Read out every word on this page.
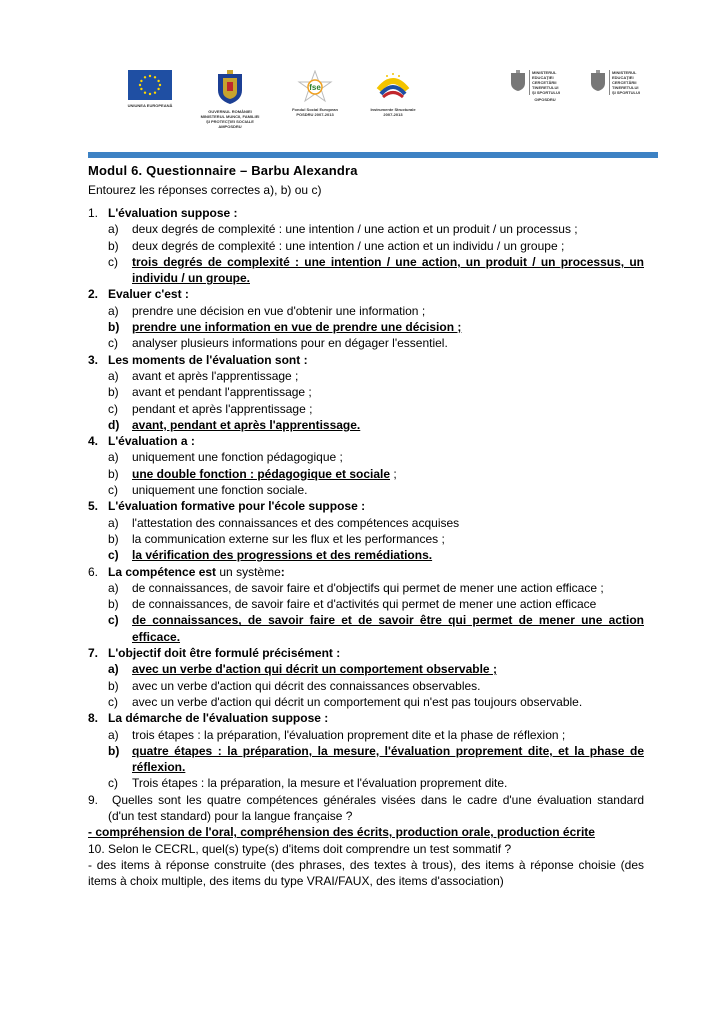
UNIUNEA EUROPEANĂ
GUVERNUL ROMÂNIEI
MINISTERUL MUNCII, FAMILIEI
ŞI PROTECŢIEI SOCIALE
AMPOSDRU
fse
Fondul Social European
POSDRU 2007-2013
Instrumente Structurale
2007-2013
MINISTERUL
EDUCAŢIEI
CERCETĂRII
TINERETULUI
ŞI SPORTULUI
OIPOSDRU
MINISTERUL
EDUCAŢIEI
CERCETĂRII
TINERETULUI
ŞI SPORTULUI
Modul 6. Questionnaire – Barbu Alexandra
Entourez les réponses correctes a), b) ou c)
1. L'évaluation suppose :
a) deux degrés de complexité : une intention / une action et un produit / un processus ;
b) deux degrés de complexité : une intention / une action et un individu / un groupe ;
c) trois degrés de complexité : une intention / une action, un produit / un processus, un individu / un groupe.
2. Evaluer c'est :
a) prendre une décision en vue d'obtenir une information ;
b) prendre une information en vue de prendre une décision ;
c) analyser plusieurs informations pour en dégager l'essentiel.
3. Les moments de l'évaluation sont :
a) avant et après l'apprentissage ;
b) avant et pendant l'apprentissage ;
c) pendant et après l'apprentissage ;
d) avant, pendant et après l'apprentissage.
4. L'évaluation a :
a) uniquement une fonction pédagogique ;
b) une double fonction : pédagogique et sociale ;
c) uniquement une fonction sociale.
5. L'évaluation formative pour l'école suppose :
a) l'attestation des connaissances et des compétences acquises
b) la communication externe sur les flux et les performances ;
c) la vérification des progressions et des remédiations.
6. La compétence est un système:
a) de connaissances, de savoir faire et d'objectifs qui permet de mener une action efficace ;
b) de connaissances, de savoir faire et d'activités qui permet de mener une action efficace
c) de connaissances, de savoir faire et de savoir être qui permet de mener une action efficace.
7. L'objectif doit être formulé précisément :
a) avec un verbe d'action qui décrit un comportement observable ;
b) avec un verbe d'action qui décrit des connaissances observables.
c) avec un verbe d'action qui décrit un comportement qui n'est pas toujours observable.
8. La démarche de l'évaluation suppose :
a) trois étapes : la préparation, l'évaluation proprement dite et la phase de réflexion ;
b) quatre étapes : la préparation, la mesure, l'évaluation proprement dite, et la phase de réflexion.
c) Trois étapes : la préparation, la mesure et l'évaluation proprement dite.
9. Quelles sont les quatre compétences générales visées dans le cadre d'une évaluation standard (d'un test standard) pour la langue française ?
- compréhension de l'oral, compréhension des écrits, production orale, production écrite
10. Selon le CECRL, quel(s) type(s) d'items doit comprendre un test sommatif ?
- des items à réponse construite (des phrases, des textes à trous), des items à réponse choisie (des items à choix multiple, des items du type VRAI/FAUX, des items d'association)
